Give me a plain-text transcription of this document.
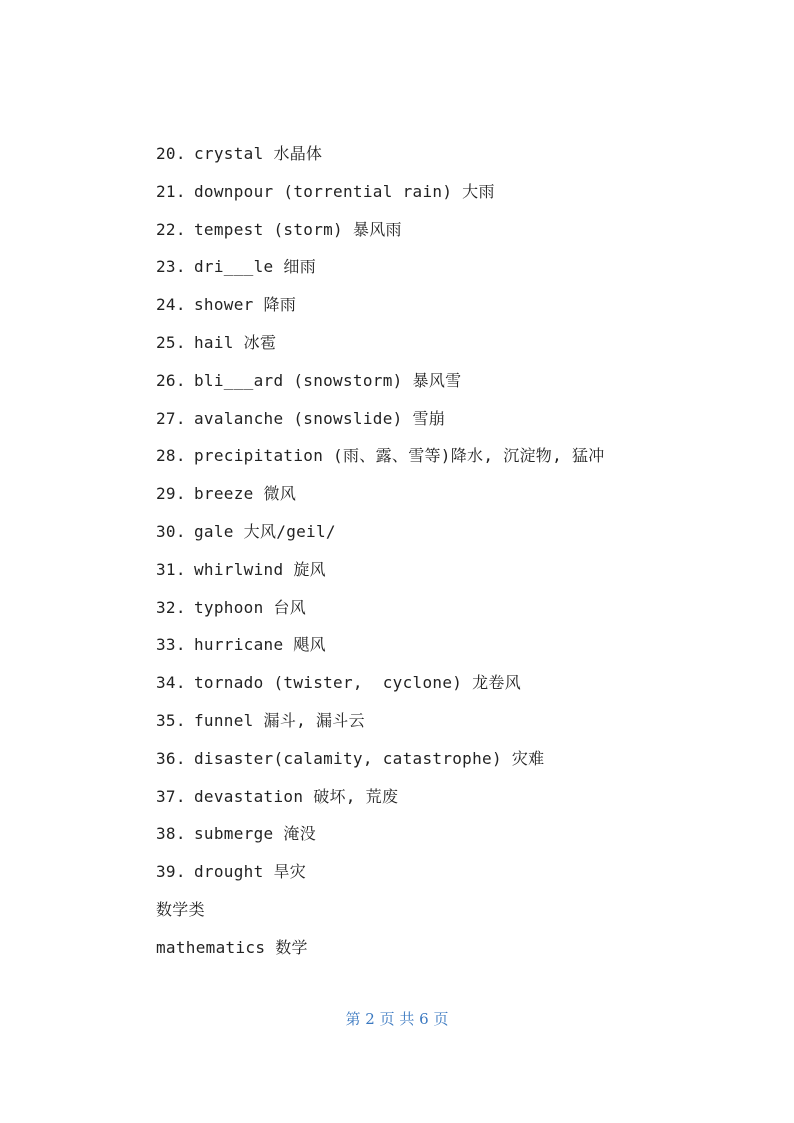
20. crystal 水晶体
21. downpour (torrential rain) 大雨
22. tempest (storm) 暴风雨
23. dri___le 细雨
24. shower 降雨
25. hail 冰雹
26. bli___ard (snowstorm) 暴风雪
27. avalanche (snowslide) 雪崩
28. precipitation (雨、露、雪等)降水, 沉淀物, 猛冲
29. breeze 微风
30. gale 大风/geil/
31. whirlwind 旋风
32. typhoon 台风
33. hurricane 飓风
34. tornado (twister,  cyclone) 龙卷风
35. funnel 漏斗, 漏斗云
36. disaster(calamity, catastrophe) 灾难
37. devastation 破坏, 荒废
38. submerge 淹没
39. drought 旱灾
数学类
mathematics 数学
第 2 页 共 6 页
